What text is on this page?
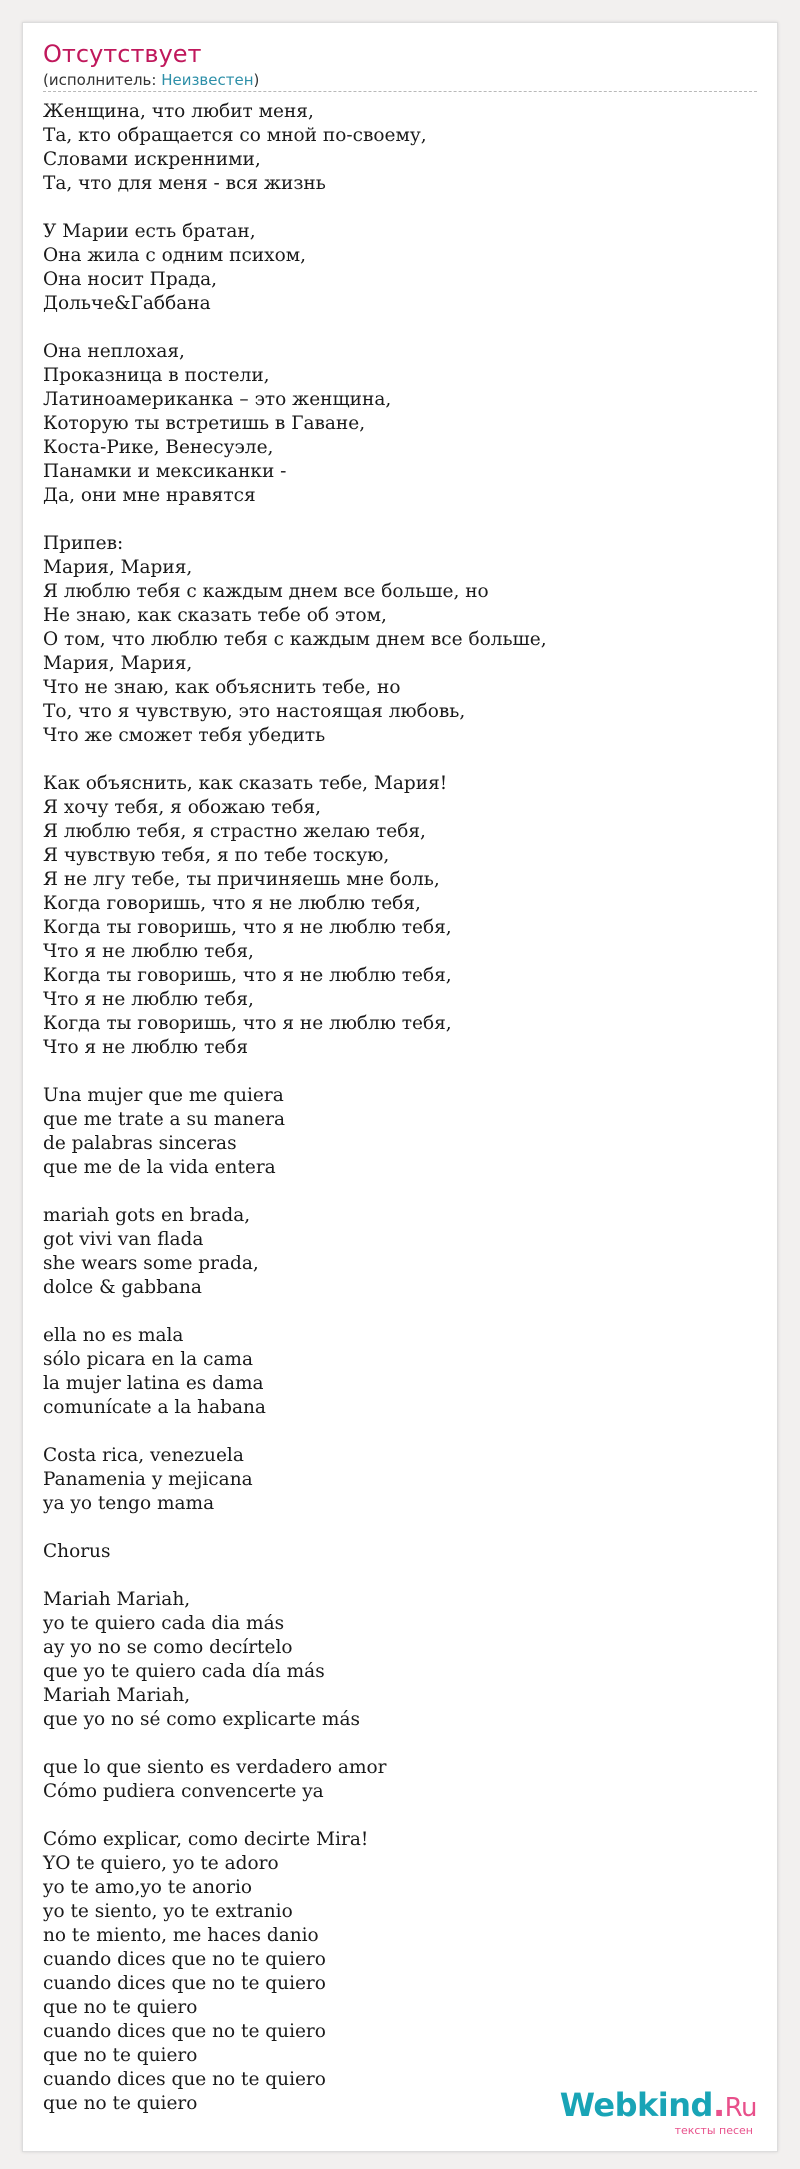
Отсутствует
(исполнитель: Неизвестен)
Женщина, что любит меня,
Та, кто обращается со мной по-своему,
Словами искренними,
Та, что для меня - вся жизнь
У Марии есть братан,
Она жила с одним психом,
Она носит Прада,
Дольче&Габбана
Она неплохая,
Проказница в постели,
Латиноамериканка – это женщина,
Которую ты встретишь в Гаване,
Коста-Рике, Венесуэле,
Панамки и мексиканки -
Да, они мне нравятся
Припев:
Мария, Мария,
Я люблю тебя с каждым днем все больше, но
Не знаю, как сказать тебе об этом,
О том, что люблю тебя с каждым днем все больше,
Мария, Мария,
Что не знаю, как объяснить тебе, но
То, что я чувствую, это настоящая любовь,
Что же сможет тебя убедить
Как объяснить, как сказать тебе, Мария!
Я хочу тебя, я обожаю тебя,
Я люблю тебя, я страстно желаю тебя,
Я чувствую тебя, я по тебе тоскую,
Я не лгу тебе, ты причиняешь мне боль,
Когда говоришь, что я не люблю тебя,
Когда ты говоришь, что я не люблю тебя,
Что я не люблю тебя,
Когда ты говоришь, что я не люблю тебя,
Что я не люблю тебя,
Когда ты говоришь, что я не люблю тебя,
Что я не люблю тебя
Una mujer que me quiera
que me trate a su manera
de palabras sinceras
que me de la vida entera
mariah gots en brada,
got vivi van flada
she wears some prada,
dolce & gabbana
ella no es mala
sólo picara en la cama
la mujer latina es dama
comunícate a la habana
Costa rica, venezuela
Panamenia y mejicana
ya yo tengo mama
Chorus
Mariah Mariah,
yo te quiero cada dia más
ay yo no se como decírtelo
que yo te quiero cada día más
Mariah Mariah,
que yo no sé como explicarte más
que lo que siento es verdadero amor
Cómo pudiera convencerte ya
Cómo explicar, como decirte Mira!
YO te quiero, yo te adoro
yo te amo,yo te anorio
yo te siento, yo te extranio
no te miento, me haces danio
cuando dices que no te quiero
cuando dices que no te quiero
que no te quiero
cuando dices que no te quiero
que no te quiero
cuando dices que no te quiero
que no te quiero	Webkind.Ru
тексты песен
